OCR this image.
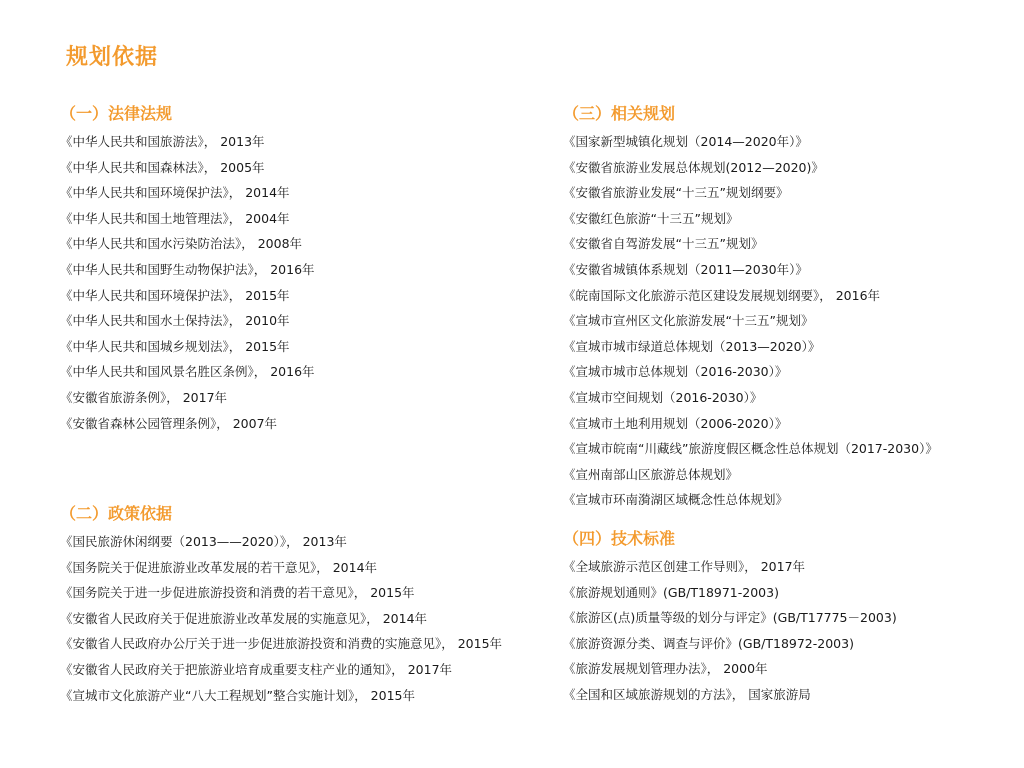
规划依据
（一）法律法规
《中华人民共和国旅游法》， 2013年
《中华人民共和国森林法》， 2005年
《中华人民共和国环境保护法》， 2014年
《中华人民共和国土地管理法》， 2004年
《中华人民共和国水污染防治法》， 2008年
《中华人民共和国野生动物保护法》， 2016年
《中华人民共和国环境保护法》， 2015年
《中华人民共和国水土保持法》， 2010年
《中华人民共和国城乡规划法》， 2015年
《中华人民共和国风景名胜区条例》， 2016年
《安徽省旅游条例》， 2017年
《安徽省森林公园管理条例》， 2007年
（二）政策依据
《国民旅游休闲纲要（2013——2020）》， 2013年
《国务院关于促进旅游业改革发展的若干意见》， 2014年
《国务院关于进一步促进旅游投资和消费的若干意见》， 2015年
《安徽省人民政府关于促进旅游业改革发展的实施意见》， 2014年
《安徽省人民政府办公厅关于进一步促进旅游投资和消费的实施意见》， 2015年
《安徽省人民政府关于把旅游业培育成重要支柱产业的通知》， 2017年
《宣城市文化旅游产业“八大工程规划”整合实施计划》， 2015年
（三）相关规划
《国家新型城镇化规划（2014—2020年）》
《安徽省旅游业发展总体规划(2012—2020)》
《安徽省旅游业发展“十三五”规划纲要》
《安徽红色旅游“十三五”规划》
《安徽省自驾游发展“十三五”规划》
《安徽省城镇体系规划（2011—2030年）》
《皖南国际文化旅游示范区建设发展规划纲要》， 2016年
《宣城市宣州区文化旅游发展“十三五”规划》
《宣城市城市绿道总体规划（2013—2020）》
《宣城市城市总体规划（2016-2030）》
《宣城市空间规划（2016-2030）》
《宣城市土地利用规划（2006-2020）》
《宣城市皖南“川藏线”旅游度假区概念性总体规划（2017-2030）》
《宣州南部山区旅游总体规划》
《宣城市环南漪湖区域概念性总体规划》
（四）技术标准
《全域旅游示范区创建工作导则》， 2017年
《旅游规划通则》(GB/T18971-2003)
《旅游区(点)质量等级的划分与评定》(GB/T17775－2003)
《旅游资源分类、调查与评价》(GB/T18972-2003)
《旅游发展规划管理办法》， 2000年
《全国和区域旅游规划的方法》， 国家旅游局
